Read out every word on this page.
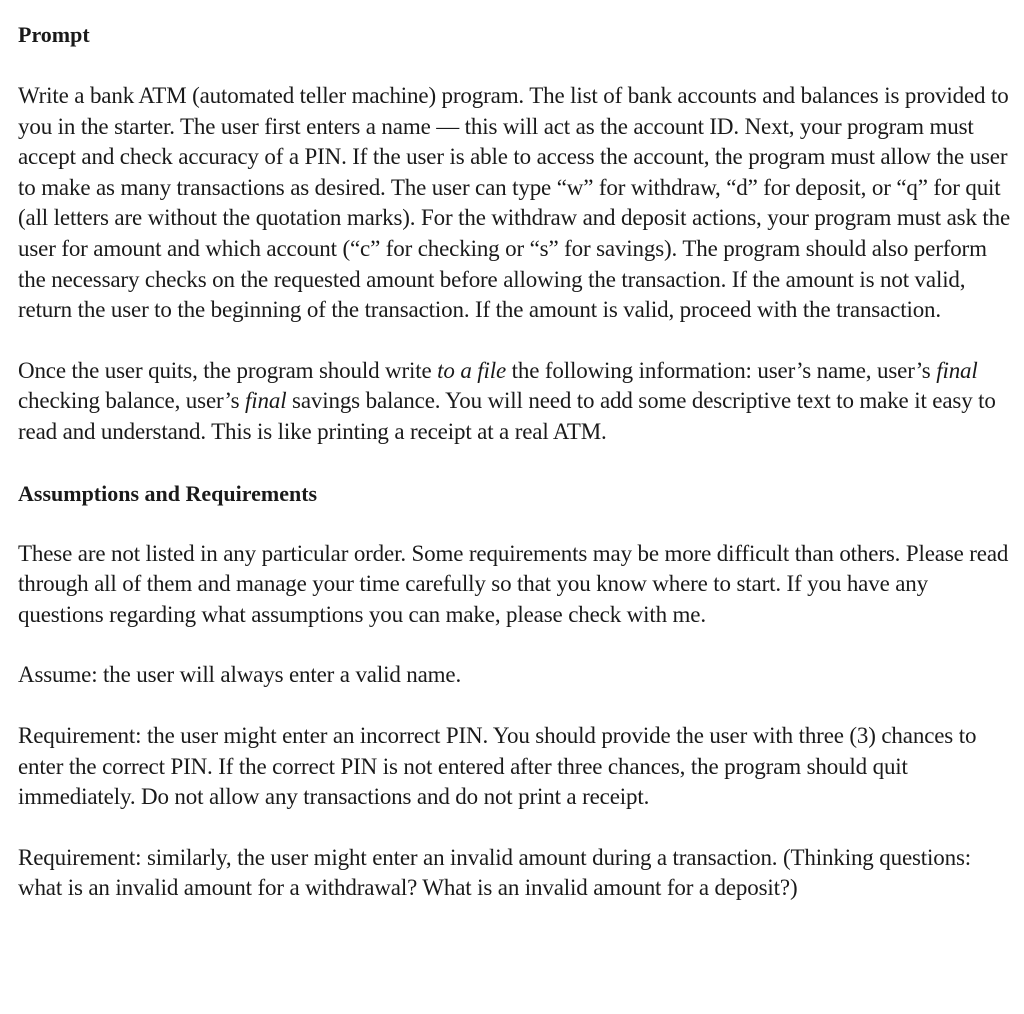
Prompt

Write a bank ATM (automated teller machine) program. The list of bank accounts and balances is provided to you in the starter. The user first enters a name — this will act as the account ID. Next, your program must accept and check accuracy of a PIN. If the user is able to access the account, the program must allow the user to make as many transactions as desired. The user can type “w” for withdraw, “d” for deposit, or “q” for quit (all letters are without the quotation marks). For the withdraw and deposit actions, your program must ask the user for amount and which account (“c” for checking or “s” for savings). The program should also perform the necessary checks on the requested amount before allowing the transaction. If the amount is not valid, return the user to the beginning of the transaction. If the amount is valid, proceed with the transaction.

Once the user quits, the program should write to a file the following information: user’s name, user’s final checking balance, user’s final savings balance. You will need to add some descriptive text to make it easy to read and understand. This is like printing a receipt at a real ATM.

Assumptions and Requirements

These are not listed in any particular order. Some requirements may be more difficult than others. Please read through all of them and manage your time carefully so that you know where to start. If you have any questions regarding what assumptions you can make, please check with me.

Assume: the user will always enter a valid name.

Requirement: the user might enter an incorrect PIN. You should provide the user with three (3) chances to enter the correct PIN. If the correct PIN is not entered after three chances, the program should quit immediately. Do not allow any transactions and do not print a receipt.

Requirement: similarly, the user might enter an invalid amount during a transaction. (Thinking questions: what is an invalid amount for a withdrawal? What is an invalid amount for a deposit?)
